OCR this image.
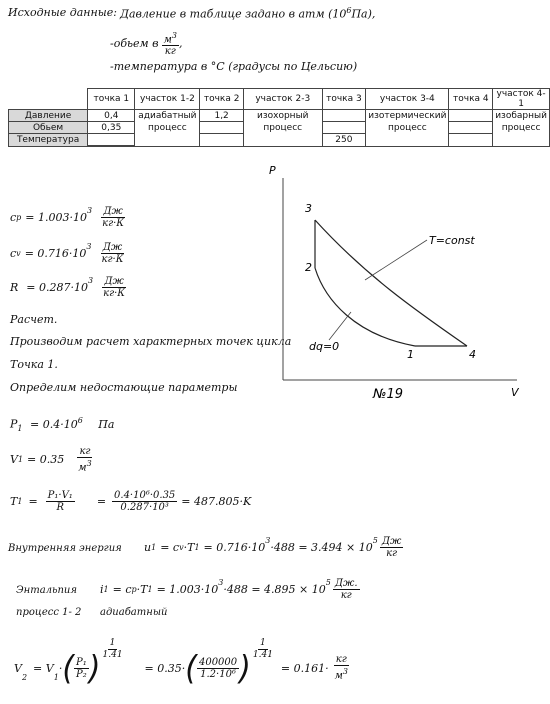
Исходные данные: Давление в таблице задано в атм $(10^6Па)$,
-обьем в $\frac{м^3}{кг}$ ,
-температура в °С (градусы по Цельсию)
	точка 1	участок 1-2	точка 2	участок 2-3	точка 3	участок 3-4	точка 4	участок 4-1
Давление	0,4	адиабатный	1,2	изохорный		изотермический		изобарный
Обьем	0,35	процесс		процесс		процесс		процесс
Температура					250			
c p = 1.003·10
$^3 \frac{Дж}{кг\cdot К}$
c v = 0.716·10
$^3 \frac{Дж}{кг\cdot К}$
R = 0.287·10
$^3 \frac{Дж}{кг\cdot К}$
Расчет.
Производим расчет характерных точек цикла
Точка 1.
Определим недостающие параметры
$P_1 = 0.4\cdot 10^6$ Па
V $1 = 0.35 \frac{кг}{м^3}$
T $1 = \frac{\text{P₁·V₁}}{R} = \frac{\text{0.4·10⁶·0.35}}{\text{0.287·10³}} = 487.805\cdot K$
Внутренняя энергия u 1 = c v ·T 1 = 0.716·10
$^3$
·488 = 3.494 × 10
$^5 \frac{Дж}{кг}$
Энтальпия i 1 = c p ·T 1 = 1.003·10
$^3$
·488 = 4.895 × 10
$^5 \frac{Дж.}{кг}$
процесс 1- 2 адиабатный
V
$_2$
= V
$_1$
· ( $\frac{\text{P₁}}{\text{P₂}}$ ) $\frac{1}{1.41}$
= 0.35· ( $\frac{400000}{\text{1.2·10⁶}}$ ) $\frac{1}{1.41}$
= $0.161\cdot \frac{кг}{м^3}$
P
V
3
2
1	4
T=const
dq=0
№19
